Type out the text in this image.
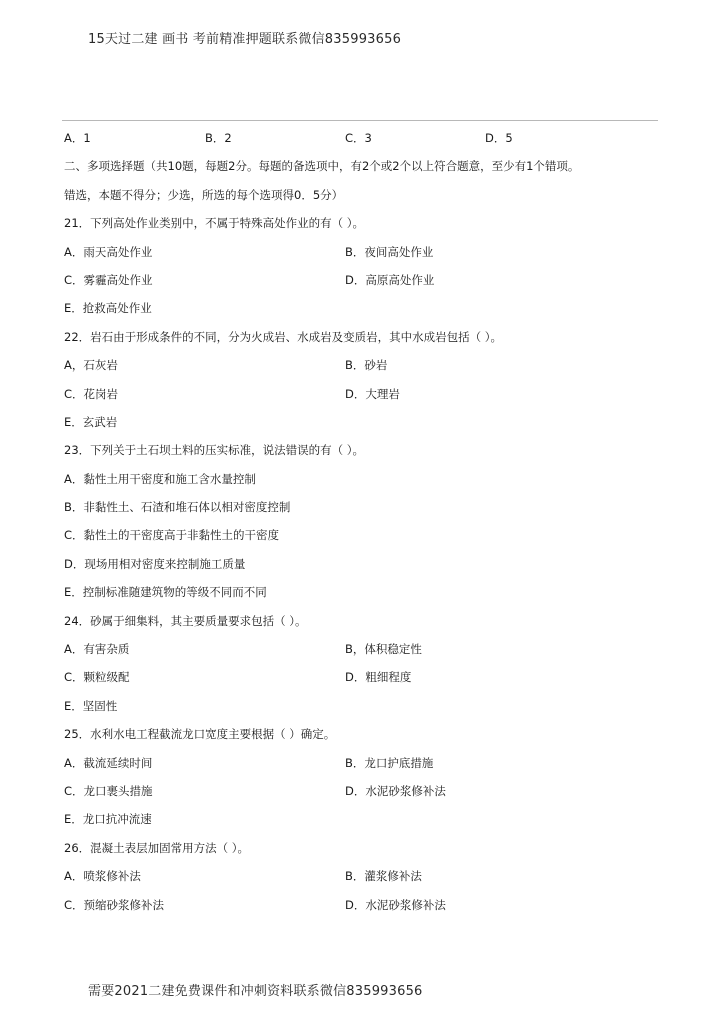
15天过二建 画书 考前精准押题联系微信835993656
A．1	B．2	C．3	D．5
二、多项选择题（共10题，每题2分。每题的备选项中，有2个或2个以上符合题意，至少有1个错项。
错选，本题不得分；少选，所选的每个选项得0．5分）
21．下列高处作业类别中，不属于特殊高处作业的有（ ）。
A．雨天高处作业	B．夜间高处作业
C．雾霾高处作业	D．高原高处作业
E．抢救高处作业
22．岩石由于形成条件的不同，分为火成岩、水成岩及变质岩，其中水成岩包括（ ）。
A，石灰岩	B．砂岩
C．花岗岩	D．大理岩
E．玄武岩
23．下列关于土石坝土料的压实标准，说法错误的有（ ）。
A．黏性土用干密度和施工含水量控制
B．非黏性土、石渣和堆石体以相对密度控制
C．黏性土的干密度高于非黏性土的干密度
D．现场用相对密度来控制施工质量
E．控制标准随建筑物的等级不同而不同
24．砂属于细集料，其主要质量要求包括（ ）。
A．有害杂质	B，体积稳定性
C．颗粒级配	D．粗细程度
E．坚固性
25．水利水电工程截流龙口宽度主要根据（ ）确定。
A．截流延续时间	B．龙口护底措施
C．龙口裹头措施	D．水泥砂浆修补法
E．龙口抗冲流速
26．混凝土表层加固常用方法（ ）。
A．喷浆修补法	B．灌浆修补法
C．预缩砂浆修补法	D．水泥砂浆修补法
需要2021二建免费课件和冲刺资料联系微信835993656
